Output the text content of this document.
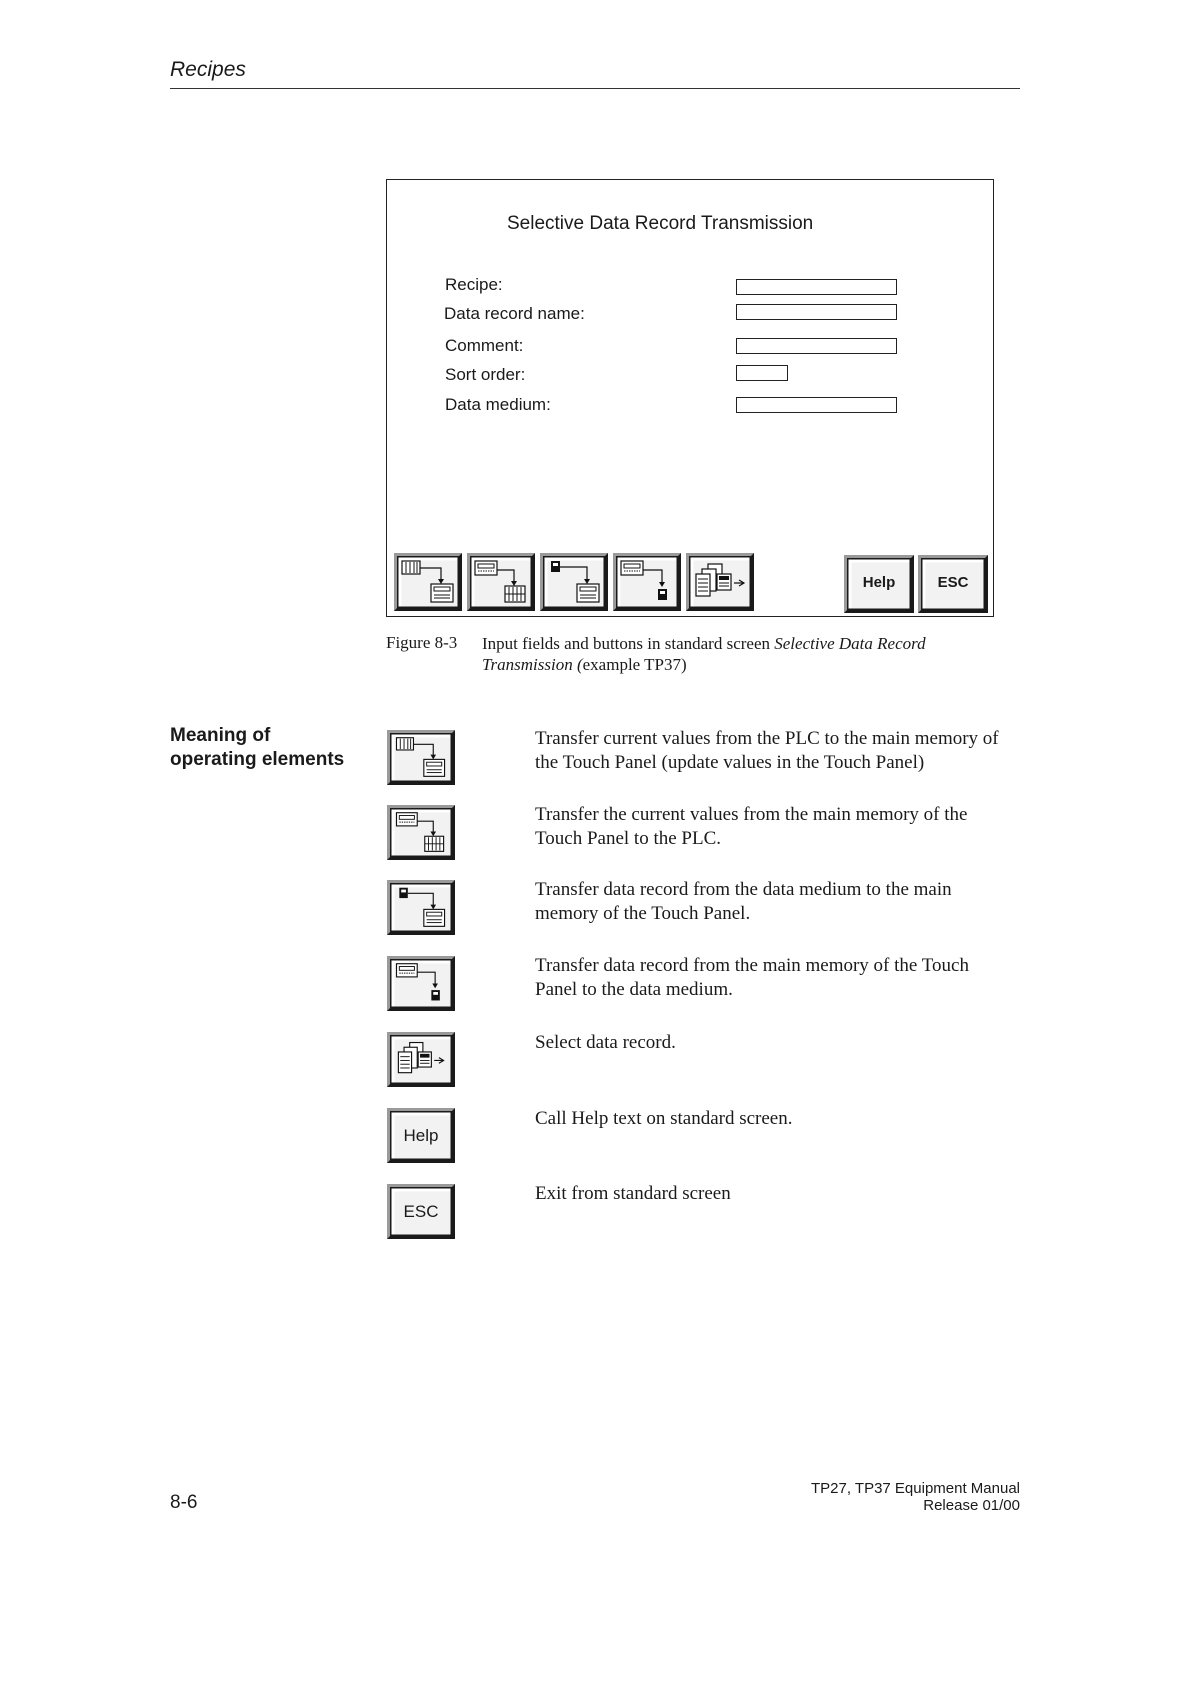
Recipes
Selective Data Record Transmission
Recipe:
Data record name:
Comment:
Sort order:
Data medium:
Help	ESC
Figure 8-3 Input fields and buttons in standard screen Selective Data Record Transmission (example TP37)
Meaning of
operating elements
Transfer current values from the PLC to the main memory of the Touch Panel (update values in the Touch Panel)
Transfer the current values from the main memory of the Touch Panel to the PLC.
Transfer data record from the data medium to the main memory of the Touch Panel.
Transfer data record from the main memory of the Touch Panel to the data medium.
Select data record.
Help
Call Help text on standard screen.
ESC
Exit from standard screen
8-6
TP27, TP37 Equipment Manual
Release 01/00
